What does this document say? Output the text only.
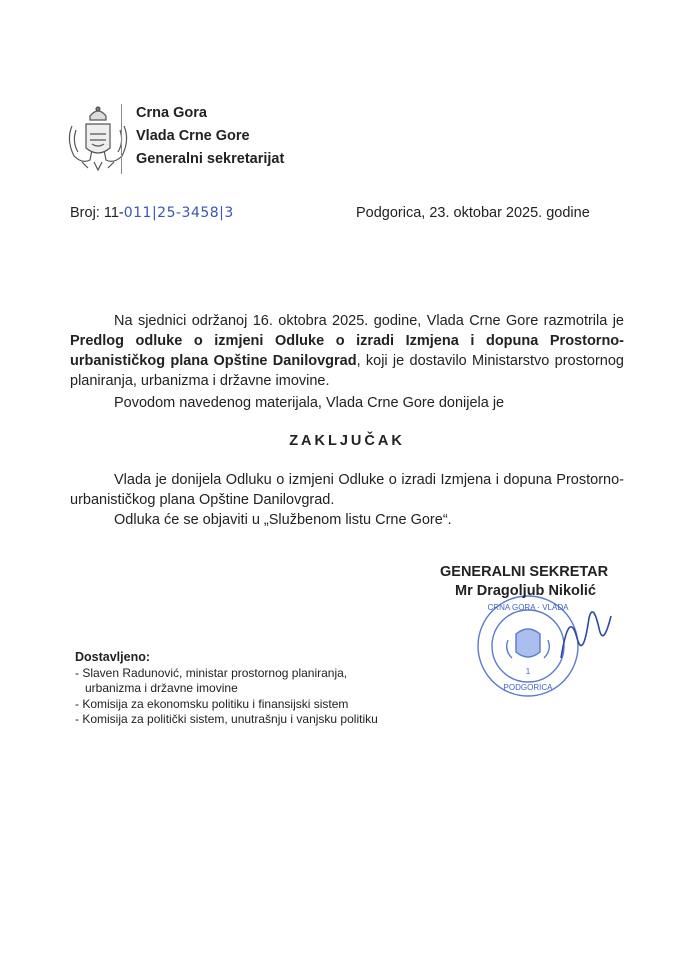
Crna Gora
Vlada Crne Gore
Generalni sekretarijat
Broj: 11-011|25-3458|3	Podgorica, 23. oktobar 2025. godine
Na sjednici održanoj 16. oktobra 2025. godine, Vlada Crne Gore razmotrila je Predlog odluke o izmjeni Odluke o izradi Izmjena i dopuna Prostorno-urbanističkog plana Opštine Danilovgrad, koji je dostavilo Ministarstvo prostornog planiranja, urbanizma i državne imovine.
Povodom navedenog materijala, Vlada Crne Gore donijela je
ZAKLJUČAK
Vlada je donijela Odluku o izmjeni Odluke o izradi Izmjena i dopuna Prostorno-urbanističkog plana Opštine Danilovgrad.
Odluka će se objaviti u „Službenom listu Crne Gore“.
1
PODGORICA
CRNA GORA · VLADA
GENERALNI SEKRETAR
Mr Dragoljub Nikolić
Dostavljeno:
- Slaven Radunović, ministar prostornog planiranja, urbanizma i državne imovine
- Komisija za ekonomsku politiku i finansijski sistem
- Komisija za politički sistem, unutrašnju i vanjsku politiku
